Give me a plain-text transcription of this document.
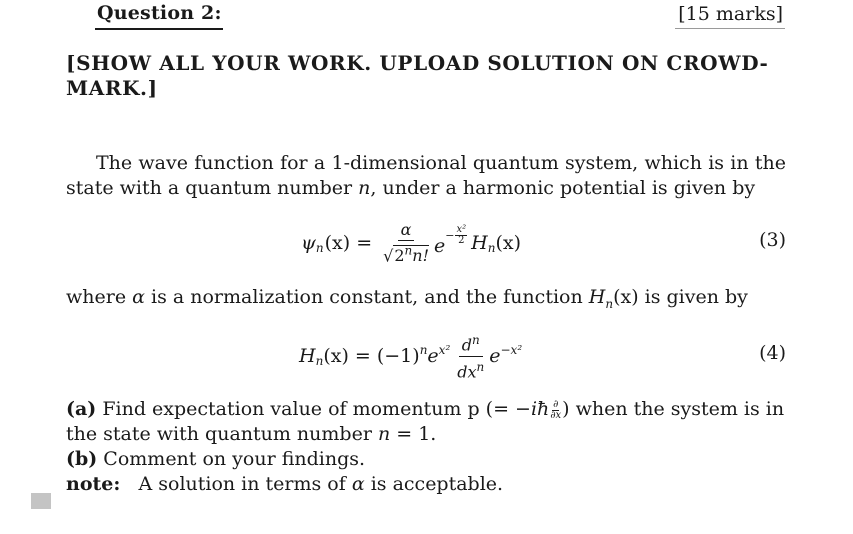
Question 2:	[15 marks]
[SHOW ALL YOUR WORK. UPLOAD SOLUTION ON CROWD-
MARK.]
The wave function for a 1-dimensional quantum system, which is in the state with a quantum number n, under a harmonic potential is given by
ψ $_n$ $(x) = \frac{\alpha}{√2^nn!}$ $e - \frac{\text{x²}}{2}$ H $_n$ (x)	(3)
where α is a normalization constant, and the function $H_n(x)$ is given by
H $_n$ (x) = (−1) $^n$ e $^{x^2} \frac{d^n}{dx^n}$ e $^{-x^2}$	(4)
(a) Find expectation value of momentum p (= −iħ ∂
∂x ) when the system is in
the state with quantum number n = 1.
(b) Comment on your findings.
note:   A solution in terms of α is acceptable.
